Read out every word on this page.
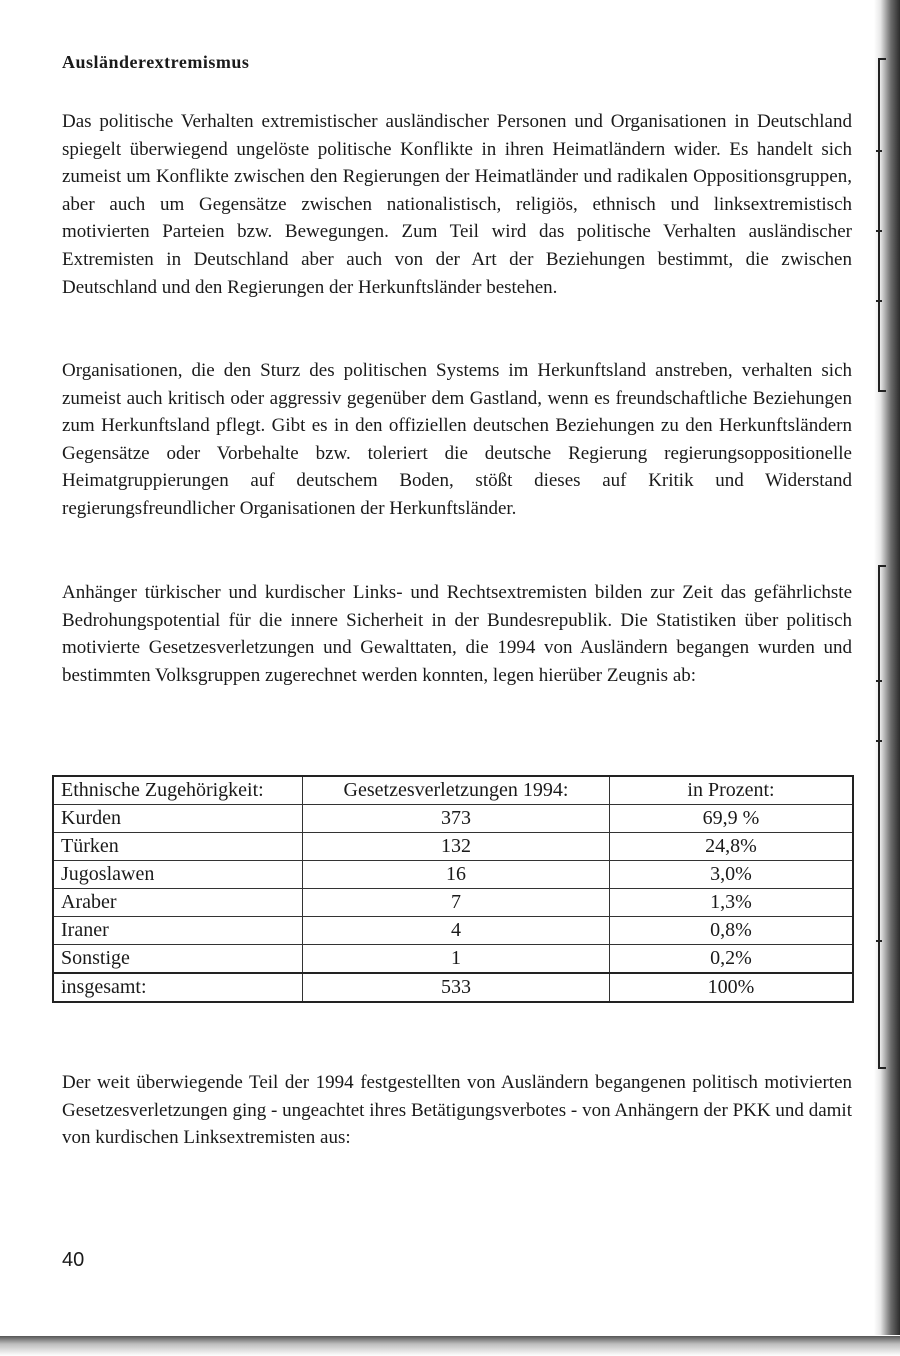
Ausländerextremismus

Das politische Verhalten extremistischer ausländischer Personen und Organisationen in Deutschland spiegelt überwiegend ungelöste politische Konflikte in ihren Heimatländern wider. Es handelt sich zumeist um Konflikte zwischen den Regierungen der Heimatländer und radikalen Oppositionsgruppen, aber auch um Gegensätze zwischen nationalistisch, religiös, ethnisch und linksextremistisch motivierten Parteien bzw. Bewegungen. Zum Teil wird das politische Verhalten ausländischer Extremisten in Deutschland aber auch von der Art der Beziehungen bestimmt, die zwischen Deutschland und den Regierungen der Herkunftsländer bestehen.

Organisationen, die den Sturz des politischen Systems im Herkunftsland anstreben, verhalten sich zumeist auch kritisch oder aggressiv gegenüber dem Gastland, wenn es freundschaftliche Beziehungen zum Herkunftsland pflegt. Gibt es in den offiziellen deutschen Beziehungen zu den Herkunftsländern Gegensätze oder Vorbehalte bzw. toleriert die deutsche Regierung regierungsoppositionelle Heimatgruppierungen auf deutschem Boden, stößt dieses auf Kritik und Widerstand regierungsfreundlicher Organisationen der Herkunftsländer.

Anhänger türkischer und kurdischer Links- und Rechtsextremisten bilden zur Zeit das gefährlichste Bedrohungspotential für die innere Sicherheit in der Bundesrepublik. Die Statistiken über politisch motivierte Gesetzesverletzungen und Gewalttaten, die 1994 von Ausländern begangen wurden und bestimmten Volksgruppen zugerechnet werden konnten, legen hierüber Zeugnis ab:

Ethnische Zugehörigkeit:	Gesetzesverletzungen 1994:	in Prozent:
Kurden	373	69,9 %
Türken	132	24,8%
Jugoslawen	16	3,0%
Araber	7	1,3%
Iraner	4	0,8%
Sonstige	1	0,2%
insgesamt:	533	100%

Der weit überwiegende Teil der 1994 festgestellten von Ausländern begangenen politisch motivierten Gesetzesverletzungen ging - ungeachtet ihres Betätigungsverbotes - von Anhängern der PKK und damit von kurdischen Linksextremisten aus:

40
